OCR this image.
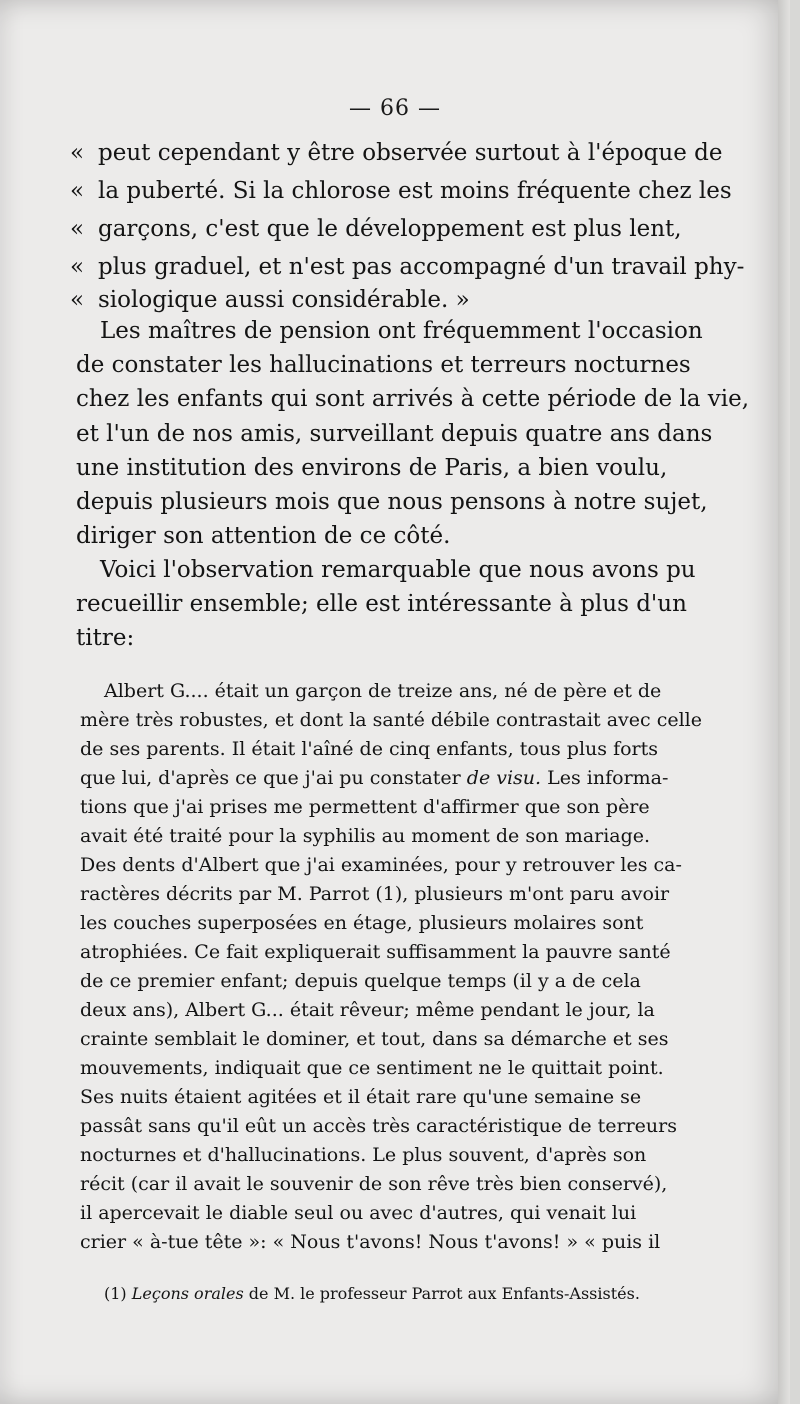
— 66 —
« peut cependant y être observée surtout à l'époque de
« la puberté. Si la chlorose est moins fréquente chez les
« garçons, c'est que le développement est plus lent,
« plus graduel, et n'est pas accompagné d'un travail phy-
« siologique aussi considérable. »
Les maîtres de pension ont fréquemment l'occasion
de constater les hallucinations et terreurs nocturnes
chez les enfants qui sont arrivés à cette période de la vie,
et l'un de nos amis, surveillant depuis quatre ans dans
une institution des environs de Paris, a bien voulu,
depuis plusieurs mois que nous pensons à notre sujet,
diriger son attention de ce côté.
Voici l'observation remarquable que nous avons pu
recueillir ensemble; elle est intéressante à plus d'un
titre:
Albert G.... était un garçon de treize ans, né de père et de
mère très robustes, et dont la santé débile contrastait avec celle
de ses parents. Il était l'aîné de cinq enfants, tous plus forts
que lui, d'après ce que j'ai pu constater de visu. Les informa-
tions que j'ai prises me permettent d'affirmer que son père
avait été traité pour la syphilis au moment de son mariage.
Des dents d'Albert que j'ai examinées, pour y retrouver les ca-
ractères décrits par M. Parrot (1), plusieurs m'ont paru avoir
les couches superposées en étage, plusieurs molaires sont
atrophiées. Ce fait expliquerait suffisamment la pauvre santé
de ce premier enfant; depuis quelque temps (il y a de cela
deux ans), Albert G... était rêveur; même pendant le jour, la
crainte semblait le dominer, et tout, dans sa démarche et ses
mouvements, indiquait que ce sentiment ne le quittait point.
Ses nuits étaient agitées et il était rare qu'une semaine se
passât sans qu'il eût un accès très caractéristique de terreurs
nocturnes et d'hallucinations. Le plus souvent, d'après son
récit (car il avait le souvenir de son rêve très bien conservé),
il apercevait le diable seul ou avec d'autres, qui venait lui
crier « à-tue tête »: « Nous t'avons! Nous t'avons! » « puis il
(1) Leçons orales de M. le professeur Parrot aux Enfants-Assistés.
